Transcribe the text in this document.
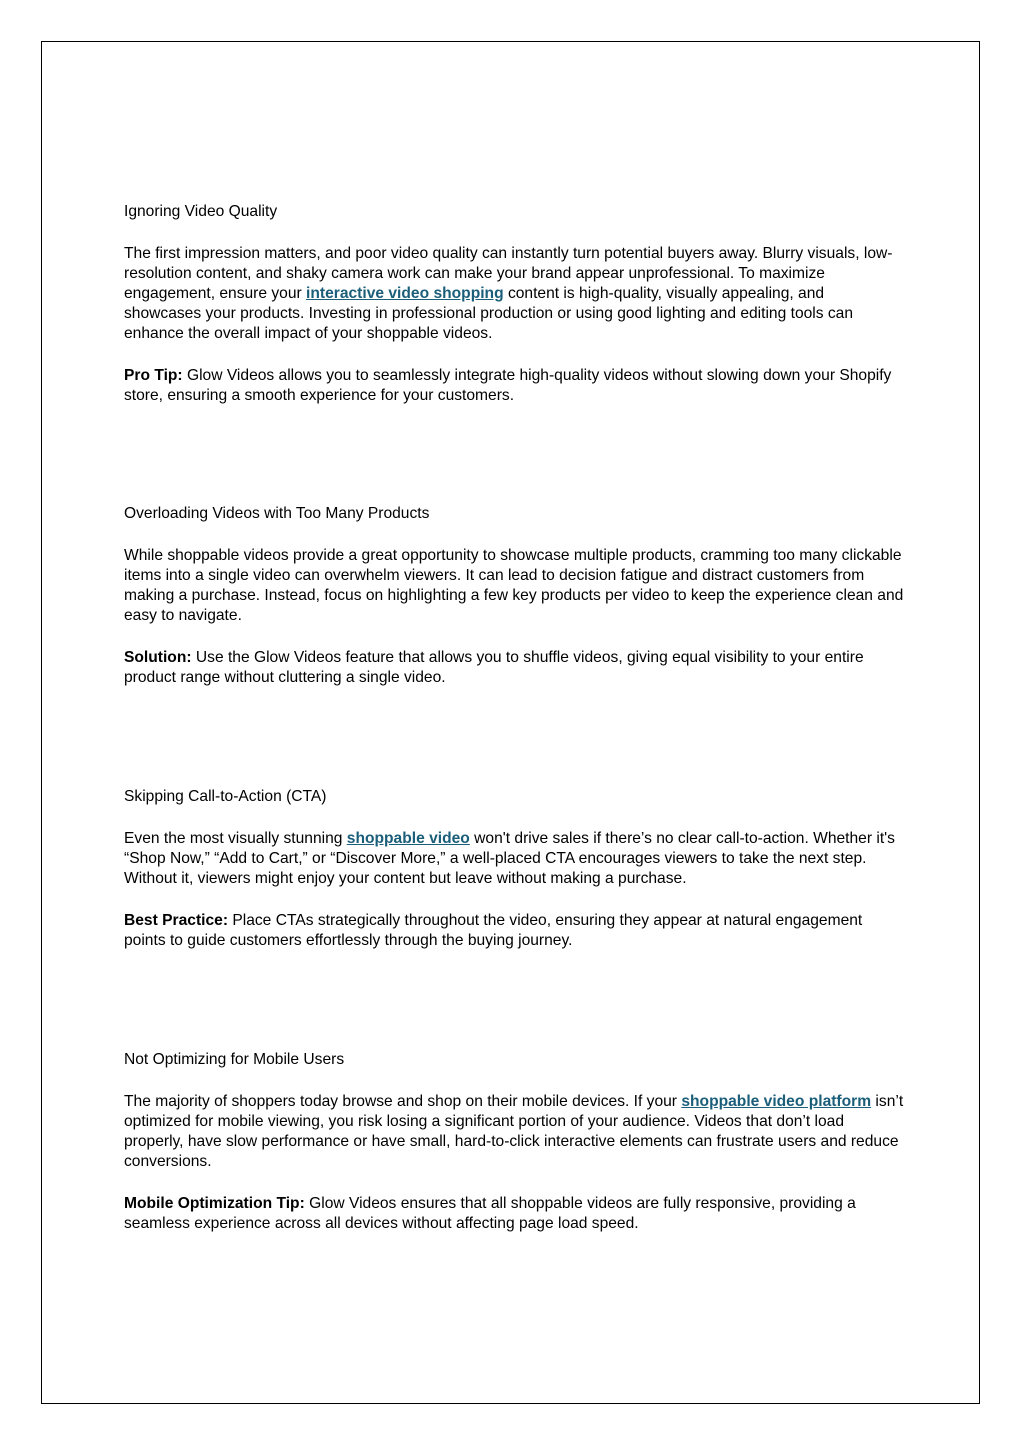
Ignoring Video Quality

The first impression matters, and poor video quality can instantly turn potential buyers away. Blurry visuals, low-resolution content, and shaky camera work can make your brand appear unprofessional. To maximize engagement, ensure your interactive video shopping content is high-quality, visually appealing, and showcases your products. Investing in professional production or using good lighting and editing tools can enhance the overall impact of your shoppable videos.

Pro Tip: Glow Videos allows you to seamlessly integrate high-quality videos without slowing down your Shopify store, ensuring a smooth experience for your customers.

Overloading Videos with Too Many Products

While shoppable videos provide a great opportunity to showcase multiple products, cramming too many clickable items into a single video can overwhelm viewers. It can lead to decision fatigue and distract customers from making a purchase. Instead, focus on highlighting a few key products per video to keep the experience clean and easy to navigate.

Solution: Use the Glow Videos feature that allows you to shuffle videos, giving equal visibility to your entire product range without cluttering a single video.

Skipping Call-to-Action (CTA)

Even the most visually stunning shoppable video won't drive sales if there’s no clear call-to-action. Whether it's “Shop Now,” “Add to Cart,” or “Discover More,” a well-placed CTA encourages viewers to take the next step. Without it, viewers might enjoy your content but leave without making a purchase.

Best Practice: Place CTAs strategically throughout the video, ensuring they appear at natural engagement points to guide customers effortlessly through the buying journey.

Not Optimizing for Mobile Users

The majority of shoppers today browse and shop on their mobile devices. If your shoppable video platform isn’t optimized for mobile viewing, you risk losing a significant portion of your audience. Videos that don’t load properly, have slow performance or have small, hard-to-click interactive elements can frustrate users and reduce conversions.

Mobile Optimization Tip: Glow Videos ensures that all shoppable videos are fully responsive, providing a seamless experience across all devices without affecting page load speed.
